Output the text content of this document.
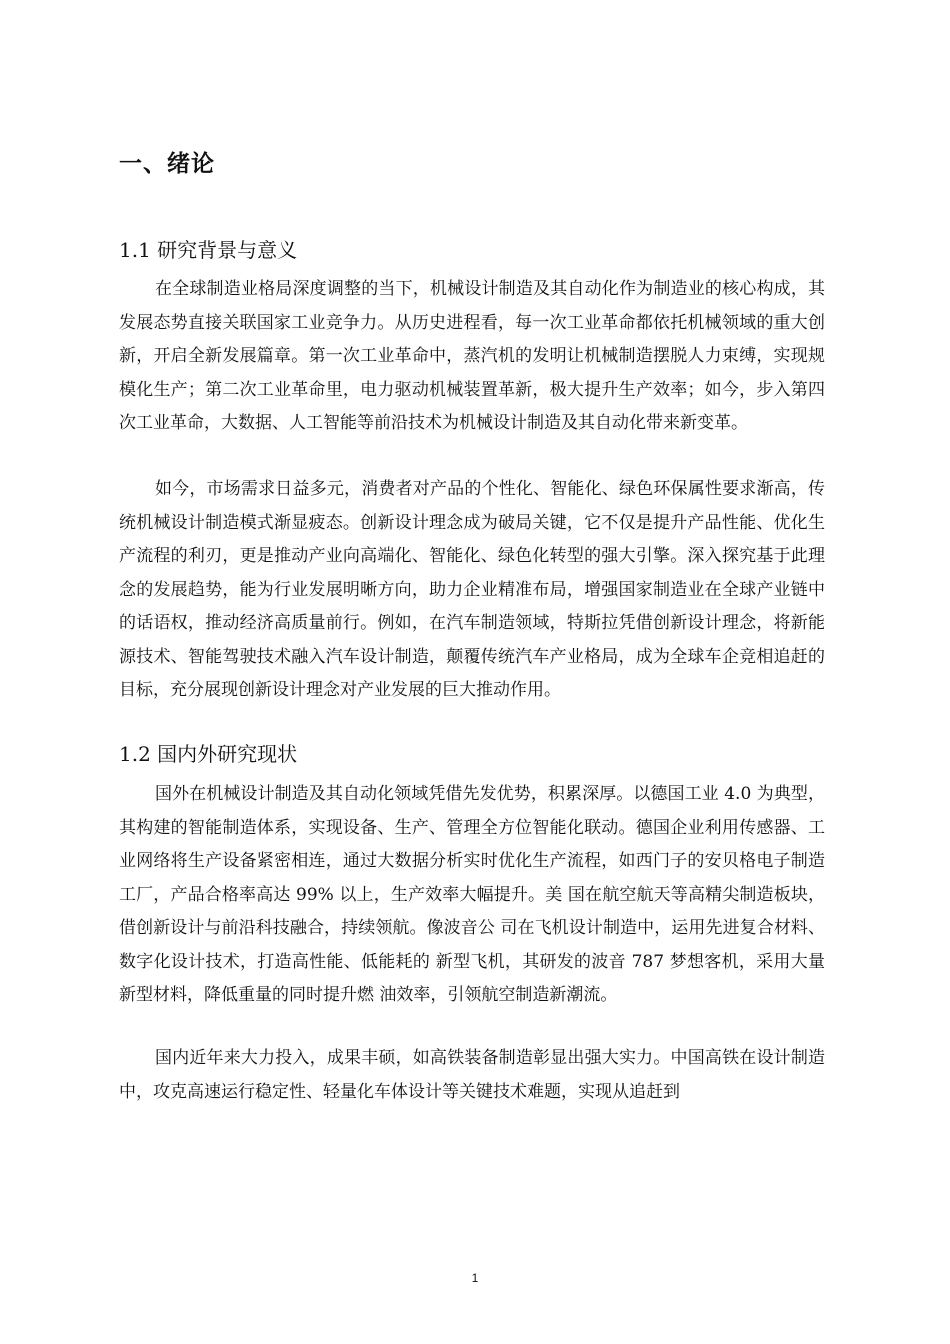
一、绪论
1.1 研究背景与意义

在全球制造业格局深度调整的当下，机械设计制造及其自动化作为制造业的核心构成，其发展态势直接关联国家工业竞争力。从历史进程看，每一次工业革命都依托机械领域的重大创新，开启全新发展篇章。第一次工业革命中，蒸汽机的发明让机械制造摆脱人力束缚，实现规模化生产；第二次工业革命里，电力驱动机械装置革新，极大提升生产效率；如今，步入第四次工业革命，大数据、人工智能等前沿技术为机械设计制造及其自动化带来新变革。

如今，市场需求日益多元，消费者对产品的个性化、智能化、绿色环保属性要求渐高，传统机械设计制造模式渐显疲态。创新设计理念成为破局关键，它不仅是提升产品性能、优化生产流程的利刃，更是推动产业向高端化、智能化、绿色化转型的强大引擎。深入探究基于此理念的发展趋势，能为行业发展明晰方向，助力企业精准布局，增强国家制造业在全球产业链中的话语权，推动经济高质量前行。例如，在汽车制造领域，特斯拉凭借创新设计理念，将新能源技术、智能驾驶技术融入汽车设计制造，颠覆传统汽车产业格局，成为全球车企竞相追赶的目标，充分展现创新设计理念对产业发展的巨大推动作用。

1.2 国内外研究现状

国外在机械设计制造及其自动化领域凭借先发优势，积累深厚。以德国工业 4.0 为典型，其构建的智能制造体系，实现设备、生产、管理全方位智能化联动。德国企业利用传感器、工业网络将生产设备紧密相连，通过大数据分析实时优化生产流程，如西门子的安贝格电子制造工厂，产品合格率高达 99% 以上，生产效率大幅提升。美 国在航空航天等高精尖制造板块，借创新设计与前沿科技融合，持续领航。像波音公 司在飞机设计制造中，运用先进复合材料、数字化设计技术，打造高性能、低能耗的 新型飞机，其研发的波音 787 梦想客机，采用大量新型材料，降低重量的同时提升燃 油效率，引领航空制造新潮流。

国内近年来大力投入，成果丰硕，如高铁装备制造彰显出强大实力。中国高铁在设计制造中，攻克高速运行稳定性、轻量化车体设计等关键技术难题，实现从追赶到

1
